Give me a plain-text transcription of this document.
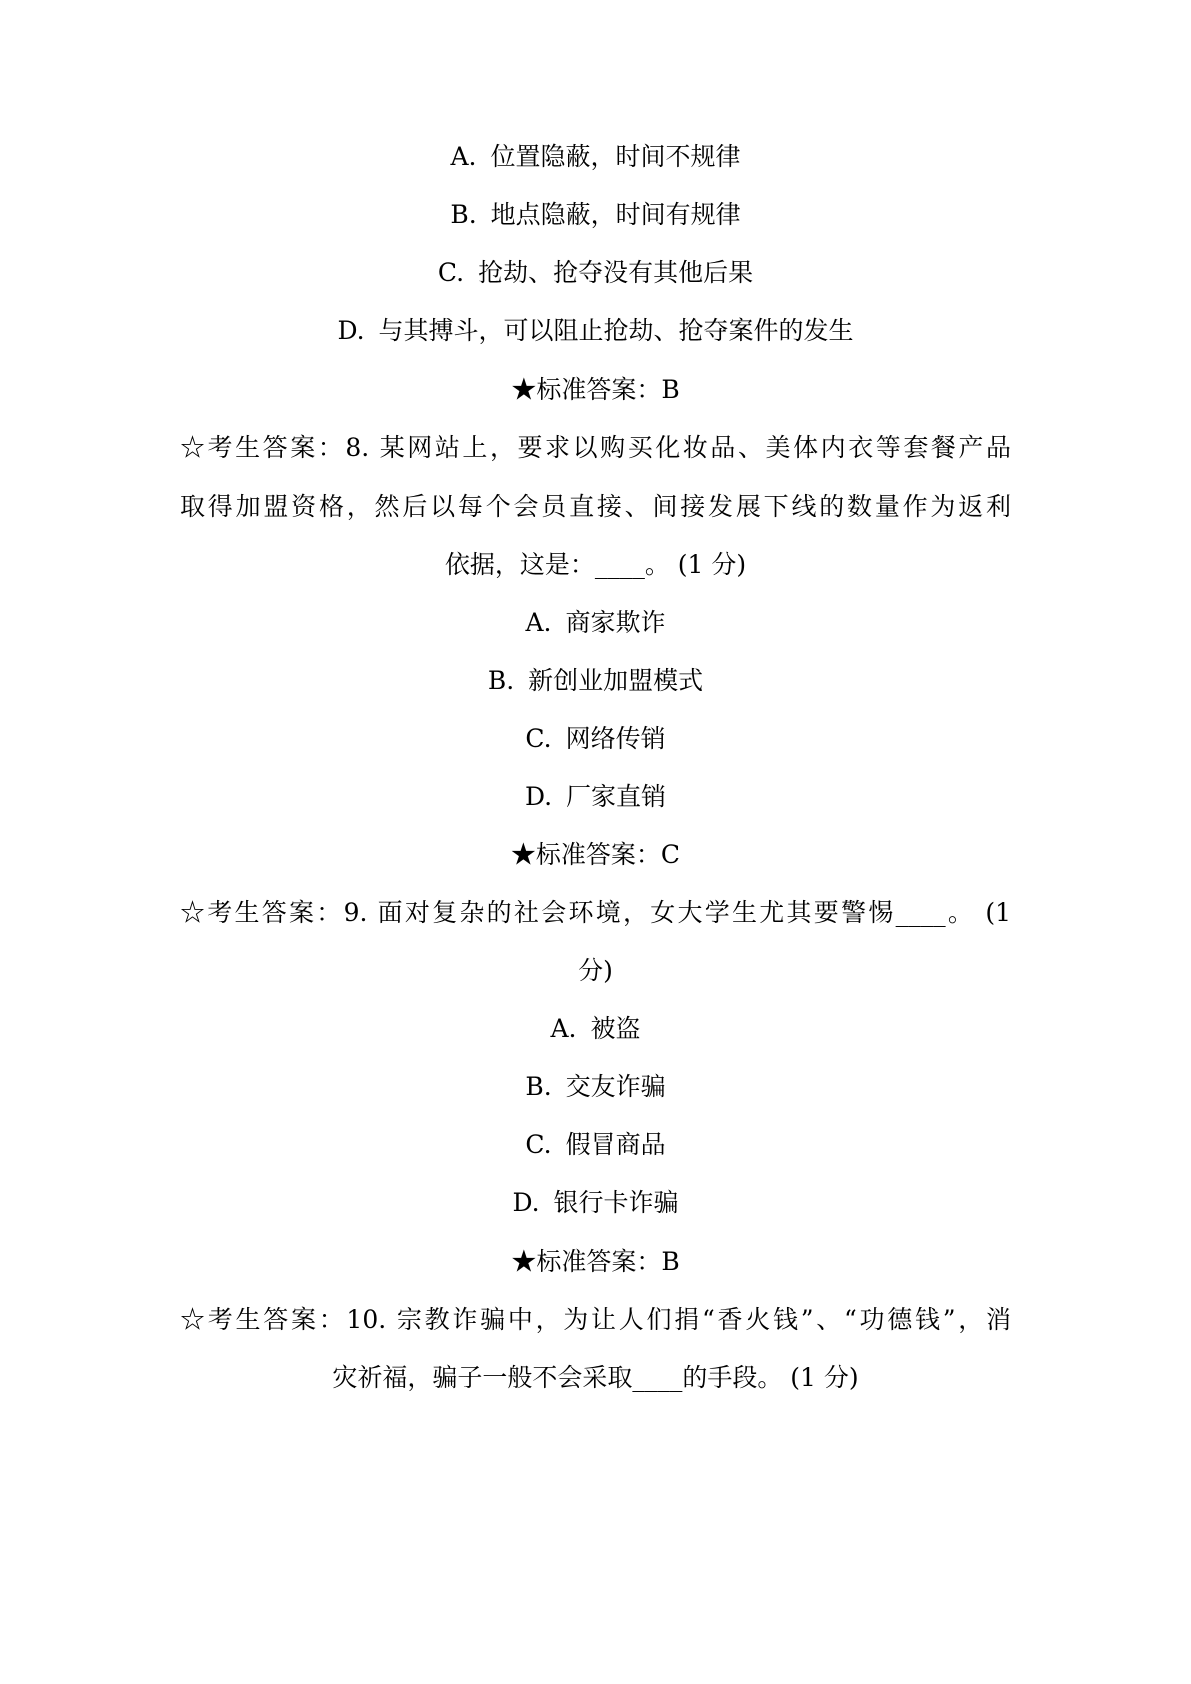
A. 位置隐蔽，时间不规律
B. 地点隐蔽，时间有规律
C. 抢劫、抢夺没有其他后果
D. 与其搏斗，可以阻止抢劫、抢夺案件的发生
★标准答案：B
☆考生答案：8. 某网站上，要求以购买化妆品、美体内衣等套餐产品
取得加盟资格，然后以每个会员直接、间接发展下线的数量作为返利
依据，这是：____。 (1 分)
A. 商家欺诈
B. 新创业加盟模式
C. 网络传销
D. 厂家直销
★标准答案：C
☆考生答案：9. 面对复杂的社会环境，女大学生尤其要警惕____。 (1
分)
A. 被盗
B. 交友诈骗
C. 假冒商品
D. 银行卡诈骗
★标准答案：B
☆考生答案：10. 宗教诈骗中，为让人们捐“香火钱”、“功德钱”，消
灾祈福，骗子一般不会采取____的手段。 (1 分)
